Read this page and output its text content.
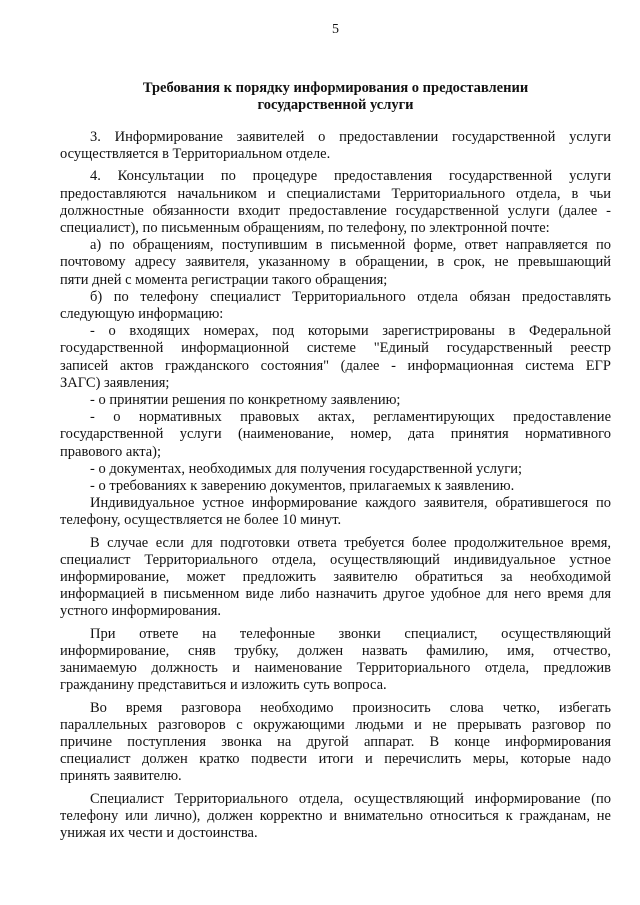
5
Требования к порядку информирования о предоставлении
государственной услуги

3. Информирование заявителей о предоставлении государственной услуги
осуществляется в Территориальном отделе.

4. Консультации по процедуре предоставления государственной услуги
предоставляются начальником и специалистами Территориального отдела, в чьи
должностные обязанности входит предоставление государственной услуги (далее -
специалист), по письменным обращениям, по телефону, по электронной почте:

а) по обращениям, поступившим в письменной форме, ответ направляется по
почтовому адресу заявителя, указанному в обращении, в срок, не превышающий
пяти дней с момента регистрации такого обращения;

б) по телефону специалист Территориального отдела обязан предоставлять
следующую информацию:

- о входящих номерах, под которыми зарегистрированы в Федеральной
государственной информационной системе "Единый государственный реестр
записей актов гражданского состояния" (далее - информационная система ЕГР
ЗАГС) заявления;

- о принятии решения по конкретному заявлению;

- о нормативных правовых актах, регламентирующих предоставление
государственной услуги (наименование, номер, дата принятия нормативного
правового акта);

- о документах, необходимых для получения государственной услуги;

- о требованиях к заверению документов, прилагаемых к заявлению.

Индивидуальное устное информирование каждого заявителя, обратившегося по
телефону, осуществляется не более 10 минут.

В случае если для подготовки ответа требуется более продолжительное время,
специалист Территориального отдела, осуществляющий индивидуальное устное
информирование, может предложить заявителю обратиться за необходимой
информацией в письменном виде либо назначить другое удобное для него время для
устного информирования.

При ответе на телефонные звонки специалист, осуществляющий
информирование, сняв трубку, должен назвать фамилию, имя, отчество,
занимаемую должность и наименование Территориального отдела, предложив
гражданину представиться и изложить суть вопроса.

Во время разговора необходимо произносить слова четко, избегать
параллельных разговоров с окружающими людьми и не прерывать разговор по
причине поступления звонка на другой аппарат. В конце информирования
специалист должен кратко подвести итоги и перечислить меры, которые надо
принять заявителю.

Специалист Территориального отдела, осуществляющий информирование (по
телефону или лично), должен корректно и внимательно относиться к гражданам, не
унижая их чести и достоинства.
